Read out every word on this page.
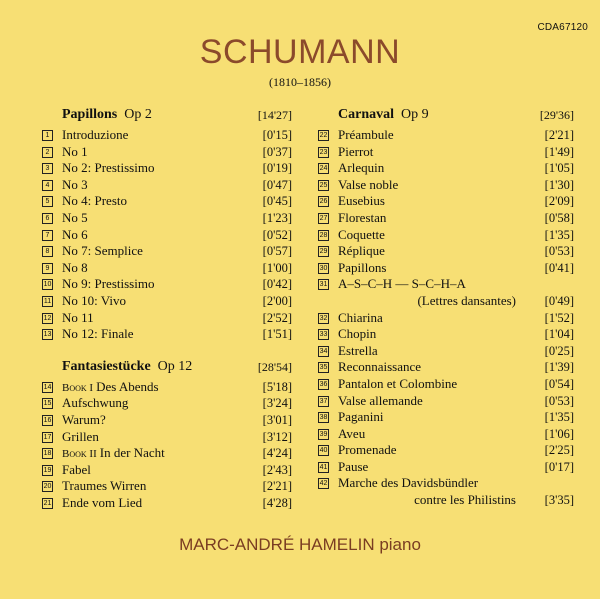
CDA67120
SCHUMANN
(1810–1856)
Papillons Op 2	[14'27]
1 Introduzione	[0'15]
2 No 1	[0'37]
3 No 2: Prestissimo	[0'19]
4 No 3	[0'47]
5 No 4: Presto	[0'45]
6 No 5	[1'23]
7 No 6	[0'52]
8 No 7: Semplice	[0'57]
9 No 8	[1'00]
10 No 9: Prestissimo	[0'42]
11 No 10: Vivo	[2'00]
12 No 11	[2'52]
13 No 12: Finale	[1'51]
Fantasiestücke Op 12	[28'54]
14 Book I Des Abends	[5'18]
15 Aufschwung	[3'24]
16 Warum?	[3'01]
17 Grillen	[3'12]
18 Book II In der Nacht	[4'24]
19 Fabel	[2'43]
20 Traumes Wirren	[2'21]
21 Ende vom Lied	[4'28]
Carnaval Op 9	[29'36]
22 Préambule	[2'21]
23 Pierrot	[1'49]
24 Arlequin	[1'05]
25 Valse noble	[1'30]
26 Eusebius	[2'09]
27 Florestan	[0'58]
28 Coquette	[1'35]
29 Réplique	[0'53]
30 Papillons	[0'41]
31 A–S–C–H — S–C–H–A
(Lettres dansantes) [0'49]
32 Chiarina	[1'52]
33 Chopin	[1'04]
34 Estrella	[0'25]
35 Reconnaissance	[1'39]
36 Pantalon et Colombine	[0'54]
37 Valse allemande	[0'53]
38 Paganini	[1'35]
39 Aveu	[1'06]
40 Promenade	[2'25]
41 Pause	[0'17]
42 Marche des Davidsbündler
contre les Philistins [3'35]
MARC-ANDRÉ HAMELIN piano
